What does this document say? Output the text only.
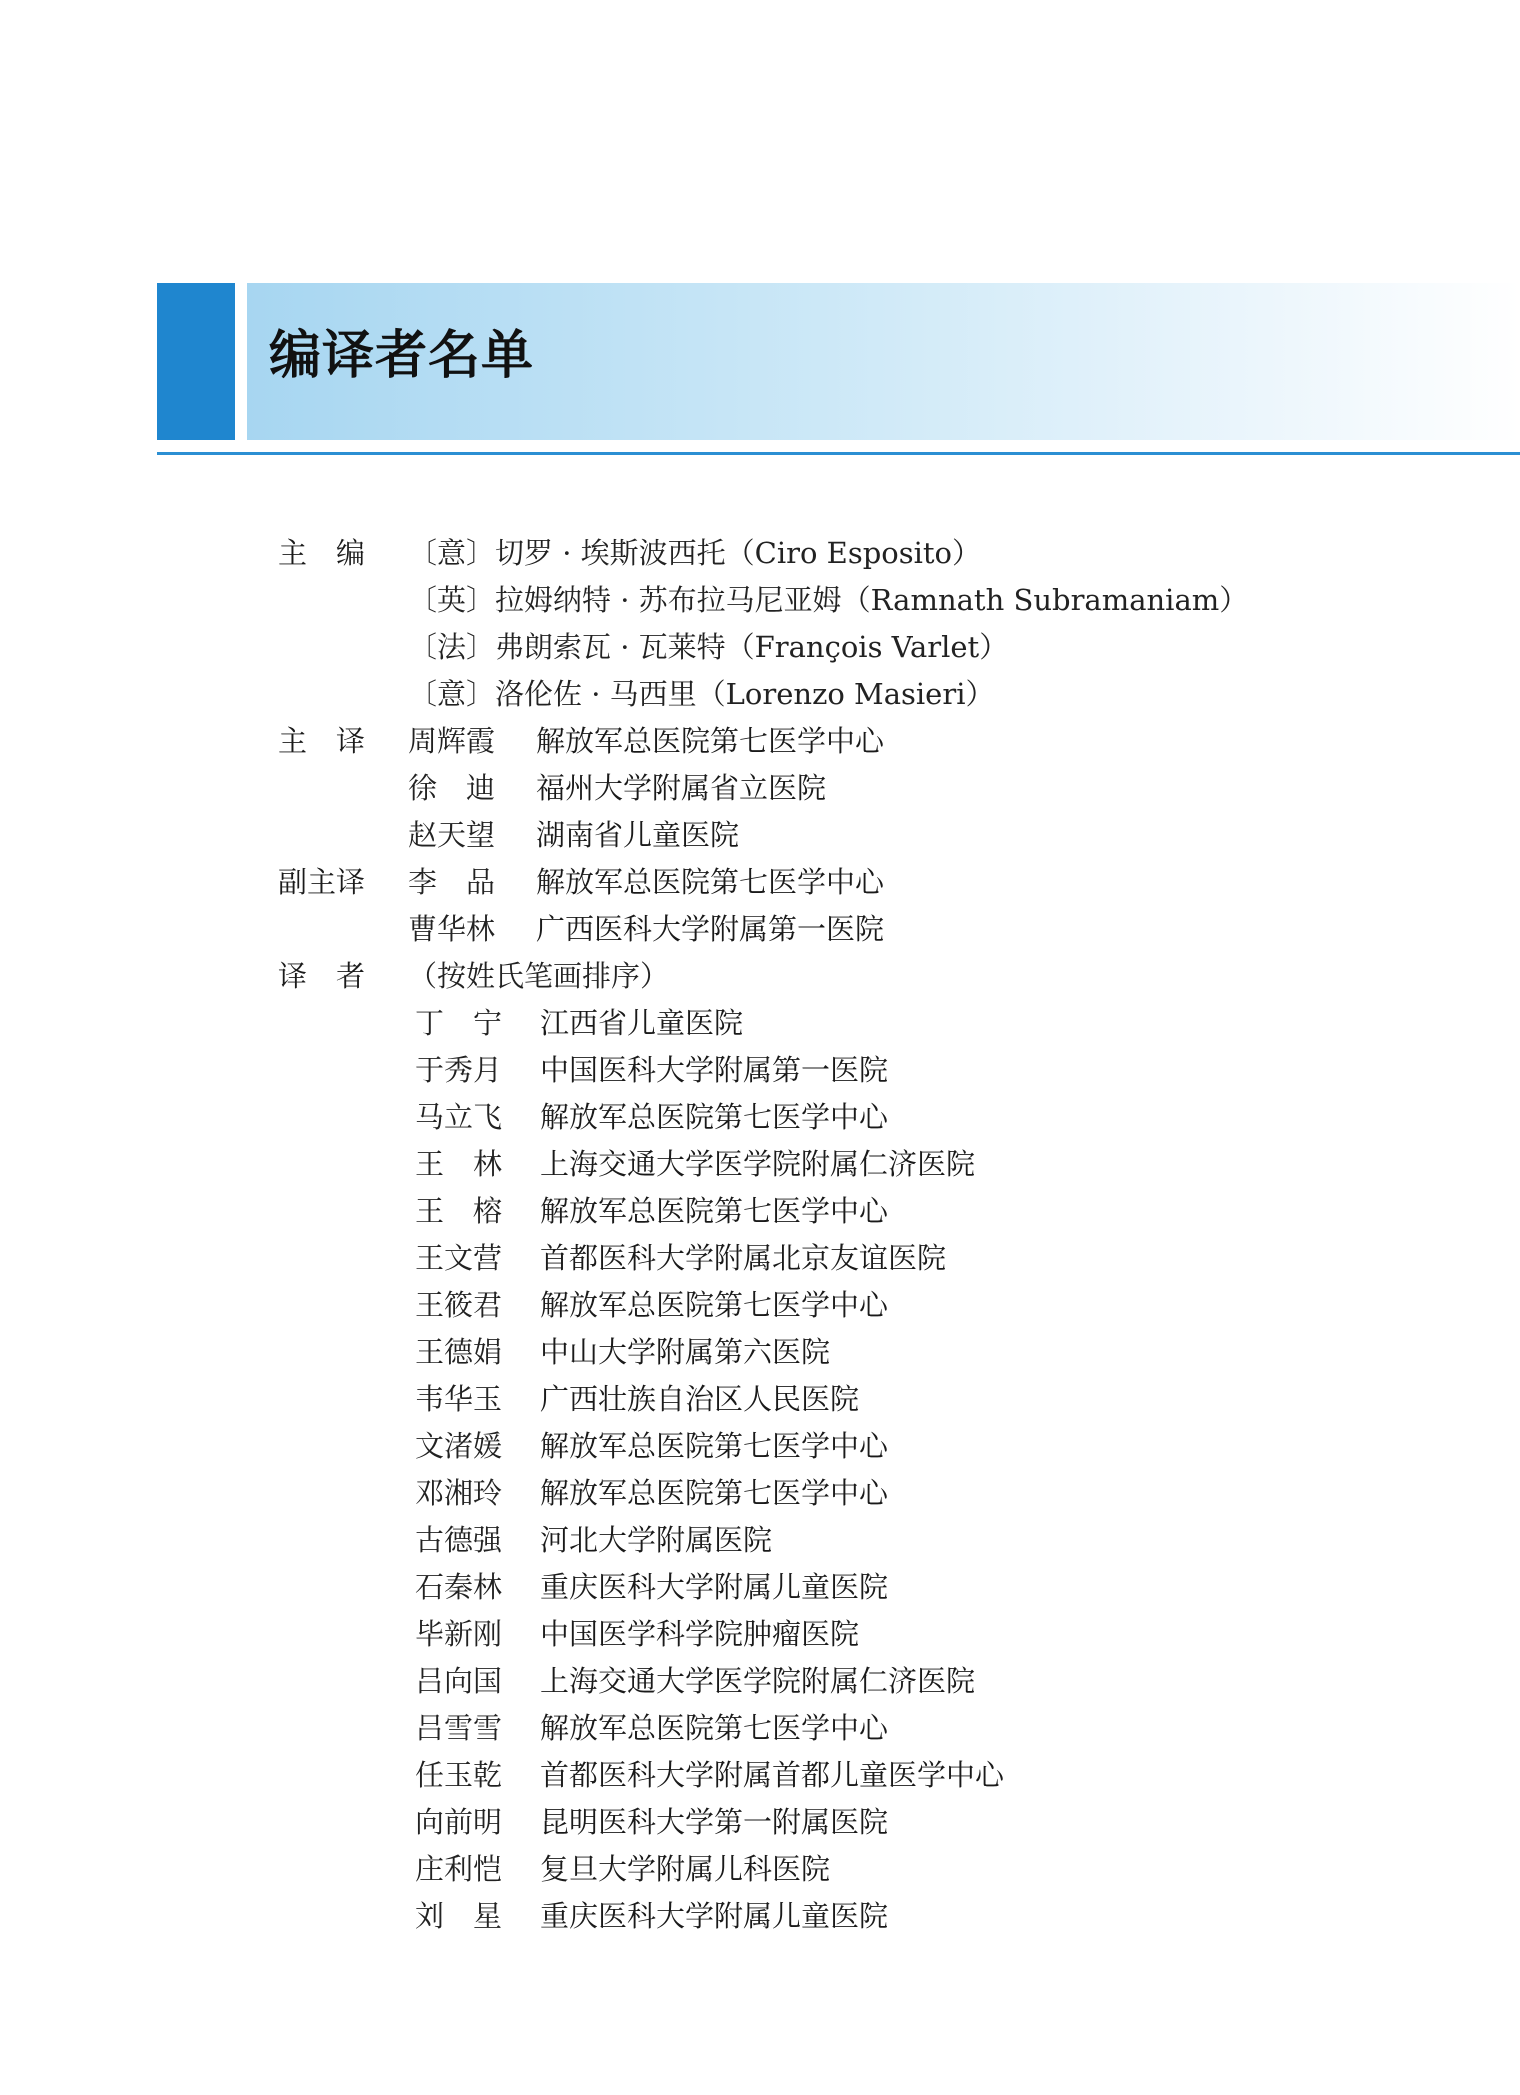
编译者名单
主　编 〔意〕切罗 · 埃斯波西托（Ciro Esposito）
〔英〕拉姆纳特 · 苏布拉马尼亚姆（Ramnath Subramaniam）
〔法〕弗朗索瓦 · 瓦莱特（François Varlet）
〔意〕洛伦佐 · 马西里（Lorenzo Masieri）
主　译 周辉霞 解放军总医院第七医学中心
徐　迪 福州大学附属省立医院
赵天望 湖南省儿童医院
副主译 李　品 解放军总医院第七医学中心
曹华林 广西医科大学附属第一医院
译　者 （按姓氏笔画排序）
丁　宁 江西省儿童医院
于秀月 中国医科大学附属第一医院
马立飞 解放军总医院第七医学中心
王　林 上海交通大学医学院附属仁济医院
王　榕 解放军总医院第七医学中心
王文营 首都医科大学附属北京友谊医院
王筱君 解放军总医院第七医学中心
王德娟 中山大学附属第六医院
韦华玉 广西壮族自治区人民医院
文渚媛 解放军总医院第七医学中心
邓湘玲 解放军总医院第七医学中心
古德强 河北大学附属医院
石秦林 重庆医科大学附属儿童医院
毕新刚 中国医学科学院肿瘤医院
吕向国 上海交通大学医学院附属仁济医院
吕雪雪 解放军总医院第七医学中心
任玉乾 首都医科大学附属首都儿童医学中心
向前明 昆明医科大学第一附属医院
庄利恺 复旦大学附属儿科医院
刘　星 重庆医科大学附属儿童医院
